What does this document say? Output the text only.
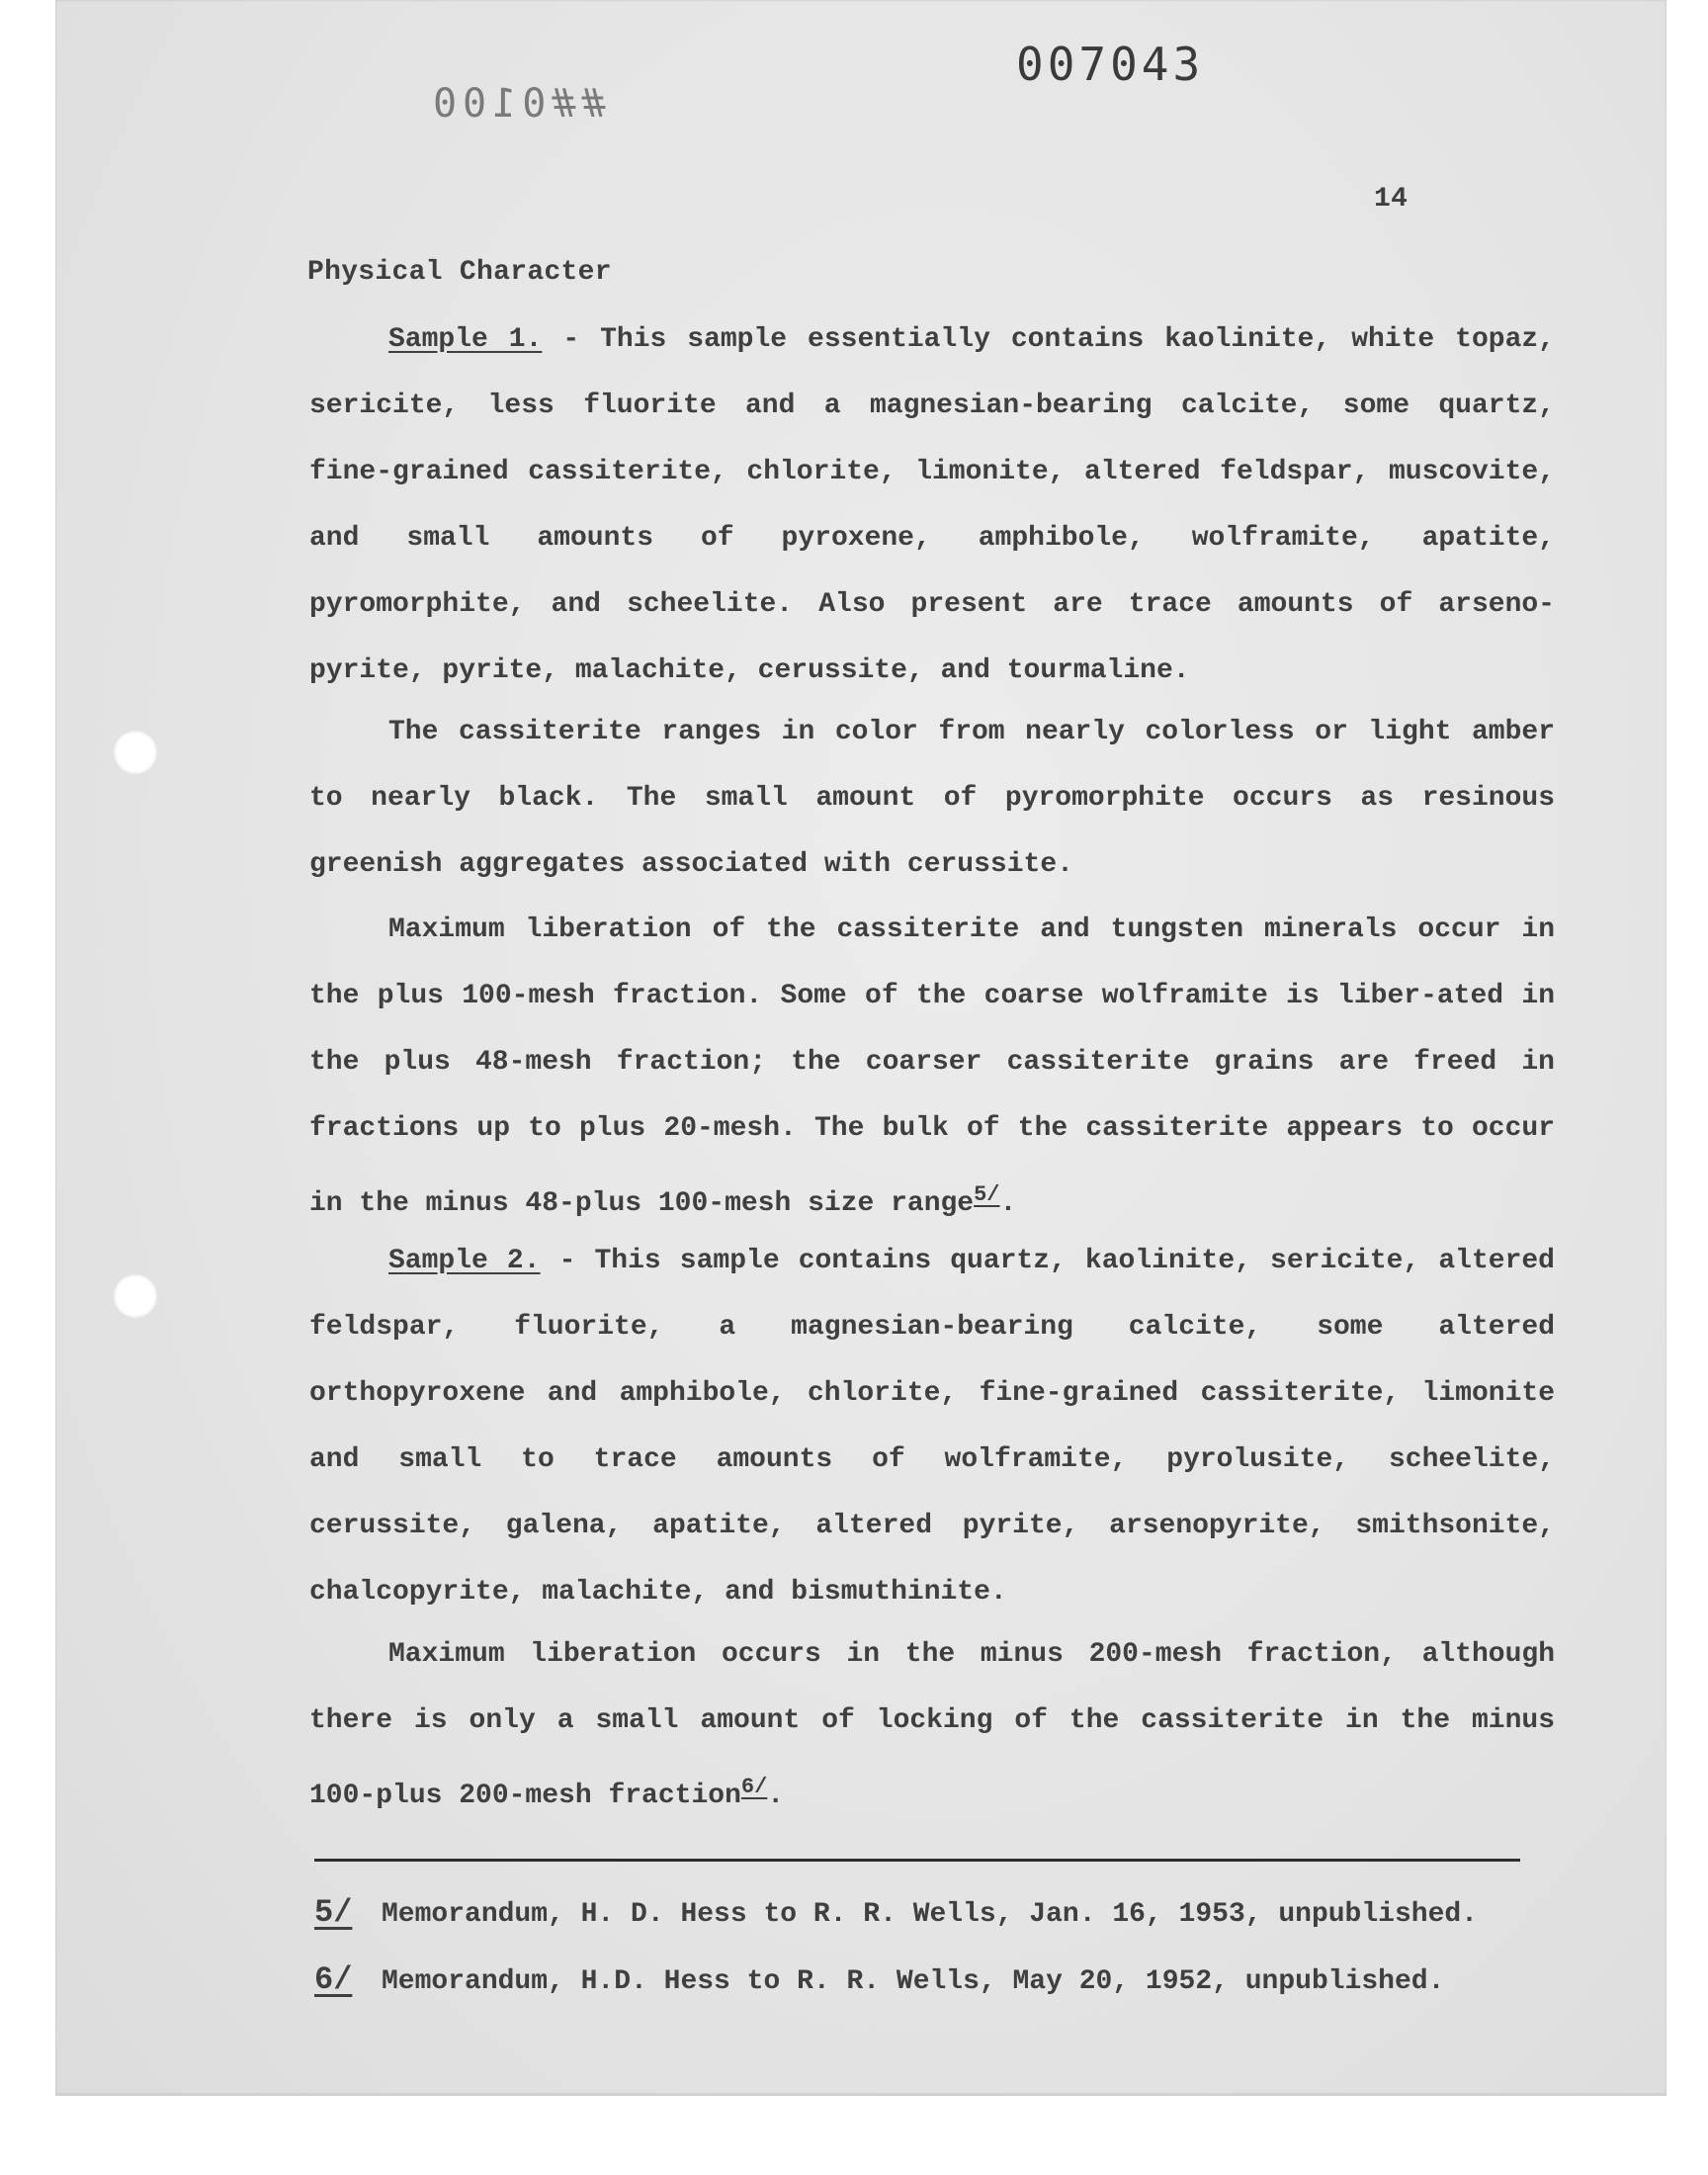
007043
##0100
14
Physical Character

Sample 1. - This sample essentially contains kaolinite, white topaz, sericite, less fluorite and a magnesian-bearing calcite, some quartz, fine-grained cassiterite, chlorite, limonite, altered feldspar, muscovite, and small amounts of pyroxene, amphibole, wolframite, apatite, pyromorphite, and scheelite. Also present are trace amounts of arseno-pyrite, pyrite, malachite, cerussite, and tourmaline.

The cassiterite ranges in color from nearly colorless or light amber to nearly black. The small amount of pyromorphite occurs as resinous greenish aggregates associated with cerussite.

Maximum liberation of the cassiterite and tungsten minerals occur in the plus 100-mesh fraction. Some of the coarse wolframite is liber-ated in the plus 48-mesh fraction; the coarser cassiterite grains are freed in fractions up to plus 20-mesh. The bulk of the cassiterite appears to occur in the minus 48-plus 100-mesh size range$^{5/}$.

Sample 2. - This sample contains quartz, kaolinite, sericite, altered feldspar, fluorite, a magnesian-bearing calcite, some altered orthopyroxene and amphibole, chlorite, fine-grained cassiterite, limonite and small to trace amounts of wolframite, pyrolusite, scheelite, cerussite, galena, apatite, altered pyrite, arsenopyrite, smithsonite, chalcopyrite, malachite, and bismuthinite.

Maximum liberation occurs in the minus 200-mesh fraction, although there is only a small amount of locking of the cassiterite in the minus 100-plus 200-mesh fraction$^{6/}$.

5/ Memorandum, H. D. Hess to R. R. Wells, Jan. 16, 1953, unpublished.
6/ Memorandum, H.D. Hess to R. R. Wells, May 20, 1952, unpublished.
